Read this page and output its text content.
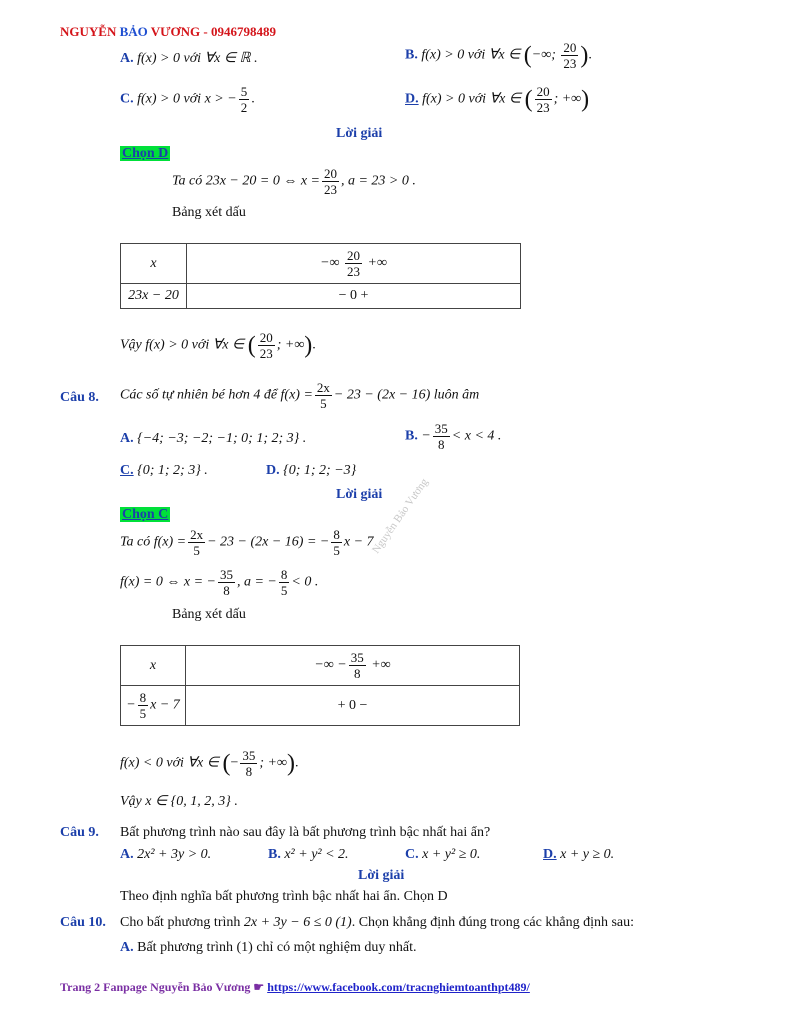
NGUYỄN BẢO VƯƠNG - 0946798489
A. f(x) > 0 với ∀x ∈ ℝ .	B. f(x) > 0 với ∀x ∈ (−∞; $\frac{20}{23}$ ).
C. f(x) > 0 với x > − $\frac{5}{2}$ .	D. f(x) > 0 với ∀x ∈ ( $\frac{20}{23}$ ; +∞)
Lời giải
Chọn D
Ta có 23x − 20 = 0 ⇔ $x = \frac{20}{23}$ , a = 23 > 0 .
Bảng xét dấu
x	−∞ $\frac{20}{23}$ +∞
23x − 20	− 0 +
Vậy f(x) > 0 với ∀x ∈ ( $\frac{20}{23}$ ; +∞).
Câu 8. Các số tự nhiên bé hơn 4 để $f(x) = \frac{2x}{5} - 23 - (2x - 16)$ luôn âm
A. {−4; −3; −2; −1; 0; 1; 2; 3} .	B. − $\frac{35}{8} < x < 4$ .
C. {0; 1; 2; 3} .	D. {0; 1; 2; −3}
Lời giải
Chọn C
Ta có $f(x) = \frac{2x}{5} - 23 - (2x - 16)$ = − $\frac{8}{5}$ x − 7
f(x) = 0 ⇔ x = − $\frac{35}{8}$ , a = − $\frac{8}{5} < 0$ .
Bảng xét dấu
x	−∞ − $\frac{35}{8}$ +∞
− $\frac{8}{5}$ x − 7	+ 0 −
f(x) < 0 với ∀x ∈ (− $\frac{35}{8}$ ; +∞).
Vậy x ∈ {0, 1, 2, 3} .
Câu 9. Bất phương trình nào sau đây là bất phương trình bậc nhất hai ẩn?
A. 2x² + 3y > 0.	B. x² + y² < 2.	C. x + y² ≥ 0.	D. x + y ≥ 0.
Lời giải
Theo định nghĩa bất phương trình bậc nhất hai ẩn. Chọn D
Câu 10. Cho bất phương trình 2x + 3y − 6 ≤ 0 (1). Chọn khẳng định đúng trong các khẳng định sau:
A. Bất phương trình (1) chỉ có một nghiệm duy nhất.
Nguyễn Bảo Vương
Trang 2 Fanpage Nguyễn Bảo Vương ☛ https://www.facebook.com/tracnghiemtoanthpt489/
